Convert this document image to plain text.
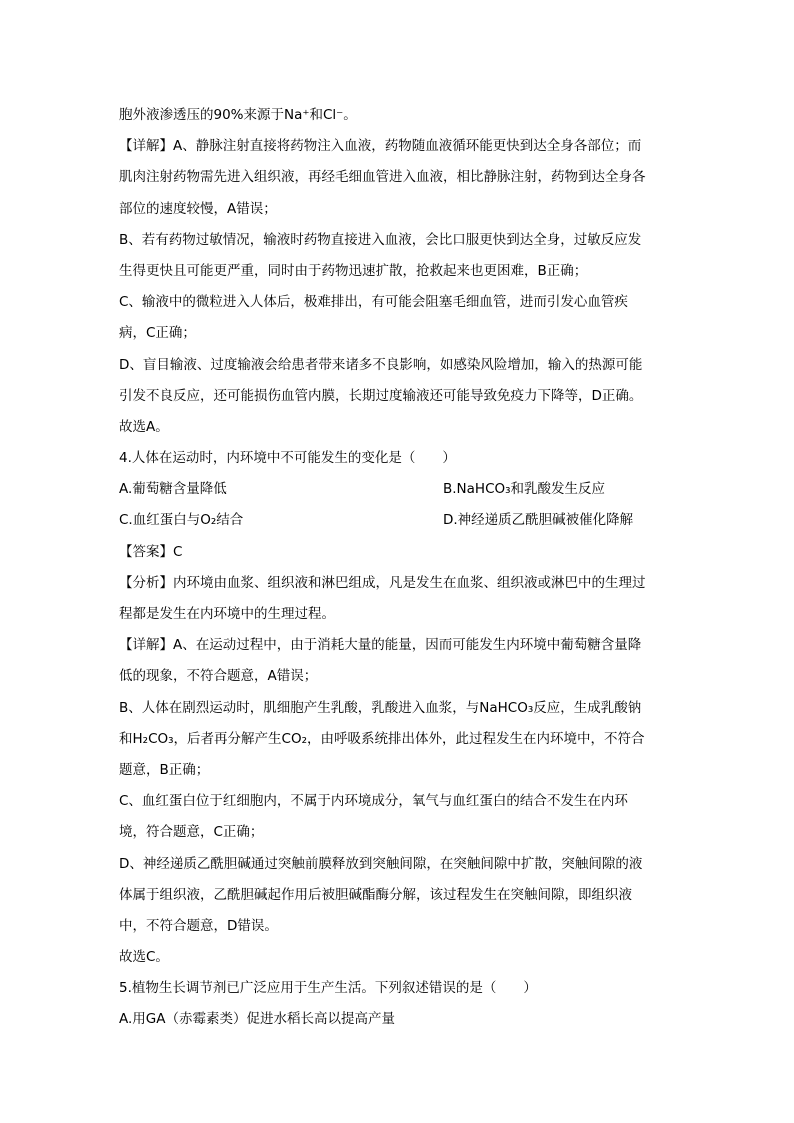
胞外液渗透压的90%来源于Na⁺和Cl⁻。
【详解】A、静脉注射直接将药物注入血液，药物随血液循环能更快到达全身各部位；而
肌肉注射药物需先进入组织液，再经毛细血管进入血液，相比静脉注射，药物到达全身各
部位的速度较慢，A错误；
B、若有药物过敏情况，输液时药物直接进入血液，会比口服更快到达全身，过敏反应发
生得更快且可能更严重，同时由于药物迅速扩散，抢救起来也更困难，B正确；
C、输液中的微粒进入人体后，极难排出，有可能会阻塞毛细血管，进而引发心血管疾
病，C正确；
D、盲目输液、过度输液会给患者带来诸多不良影响，如感染风险增加，输入的热源可能
引发不良反应，还可能损伤血管内膜，长期过度输液还可能导致免疫力下降等，D正确。
故选A。
4.人体在运动时，内环境中不可能发生的变化是（　　）
A.葡萄糖含量降低	B.NaHCO₃和乳酸发生反应
C.血红蛋白与O₂结合	D.神经递质乙酰胆碱被催化降解
【答案】C
【分析】内环境由血浆、组织液和淋巴组成，凡是发生在血浆、组织液或淋巴中的生理过
程都是发生在内环境中的生理过程。
【详解】A、在运动过程中，由于消耗大量的能量，因而可能发生内环境中葡萄糖含量降
低的现象，不符合题意，A错误；
B、人体在剧烈运动时，肌细胞产生乳酸，乳酸进入血浆，与NaHCO₃反应，生成乳酸钠
和H₂CO₃，后者再分解产生CO₂，由呼吸系统排出体外，此过程发生在内环境中，不符合
题意，B正确；
C、血红蛋白位于红细胞内，不属于内环境成分，氧气与血红蛋白的结合不发生在内环
境，符合题意，C正确；
D、神经递质乙酰胆碱通过突触前膜释放到突触间隙，在突触间隙中扩散，突触间隙的液
体属于组织液，乙酰胆碱起作用后被胆碱酯酶分解，该过程发生在突触间隙，即组织液
中，不符合题意，D错误。
故选C。
5.植物生长调节剂已广泛应用于生产生活。下列叙述错误的是（　　）
A.用GA（赤霉素类）促进水稻长高以提高产量
